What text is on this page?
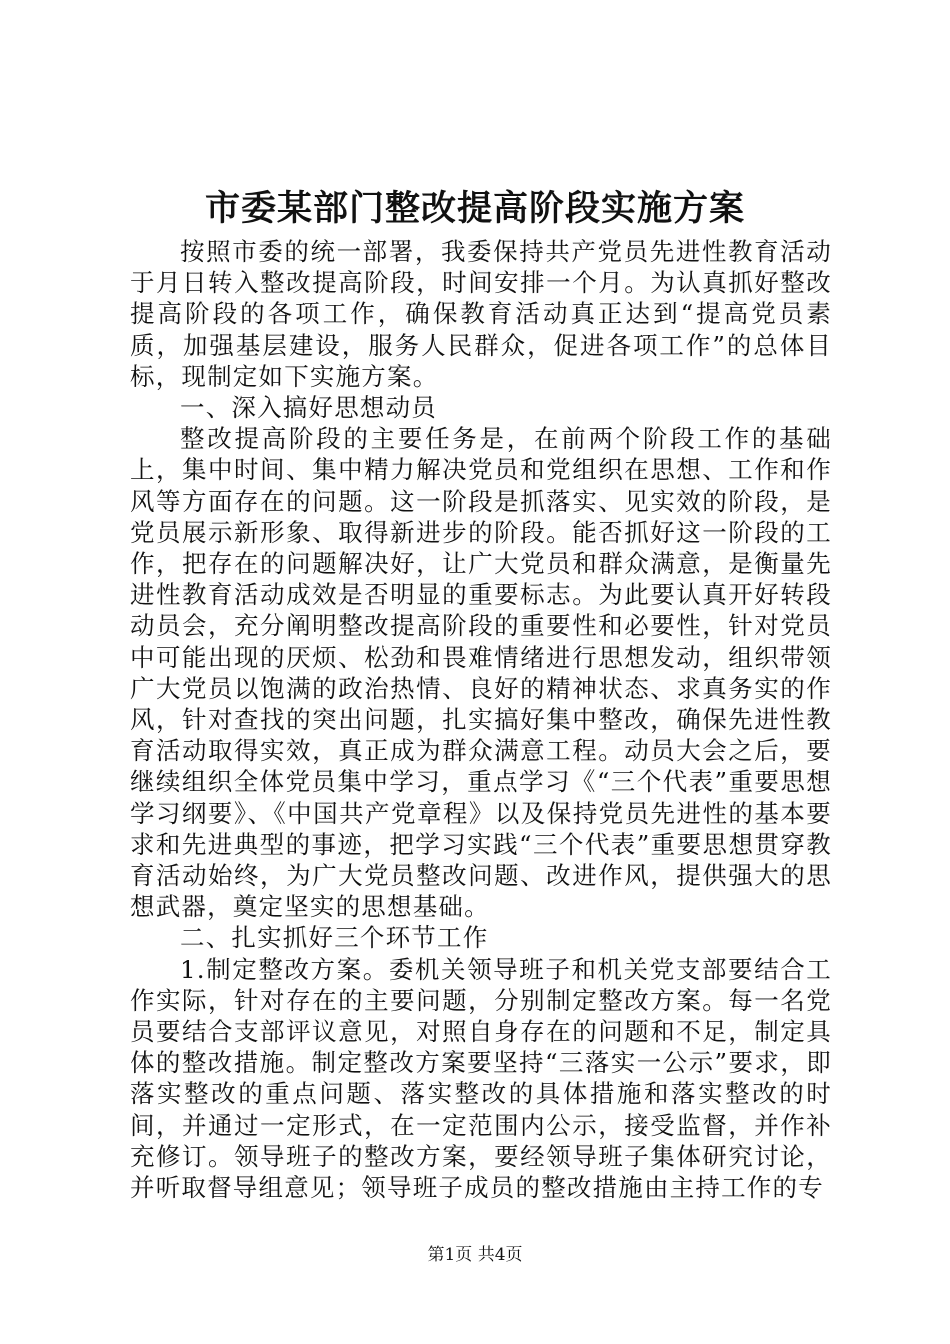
市委某部门整改提高阶段实施方案

按照市委的统一部署，我委保持共产党员先进性教育活动于月日转入整改提高阶段，时间安排一个月。为认真抓好整改提高阶段的各项工作，确保教育活动真正达到“提高党员素质，加强基层建设，服务人民群众，促进各项工作”的总体目标，现制定如下实施方案。

一、深入搞好思想动员

整改提高阶段的主要任务是，在前两个阶段工作的基础上，集中时间、集中精力解决党员和党组织在思想、工作和作风等方面存在的问题。这一阶段是抓落实、见实效的阶段，是党员展示新形象、取得新进步的阶段。能否抓好这一阶段的工作，把存在的问题解决好，让广大党员和群众满意，是衡量先进性教育活动成效是否明显的重要标志。为此要认真开好转段动员会，充分阐明整改提高阶段的重要性和必要性，针对党员中可能出现的厌烦、松劲和畏难情绪进行思想发动，组织带领广大党员以饱满的政治热情、良好的精神状态、求真务实的作风，针对查找的突出问题，扎实搞好集中整改，确保先进性教育活动取得实效，真正成为群众满意工程。动员大会之后，要继续组织全体党员集中学习，重点学习《“三个代表”重要思想学习纲要》、《中国共产党章程》以及保持党员先进性的基本要求和先进典型的事迹，把学习实践“三个代表”重要思想贯穿教育活动始终，为广大党员整改问题、改进作风，提供强大的思想武器，奠定坚实的思想基础。

二、扎实抓好三个环节工作

1.制定整改方案。委机关领导班子和机关党支部要结合工作实际，针对存在的主要问题，分别制定整改方案。每一名党员要结合支部评议意见，对照自身存在的问题和不足，制定具体的整改措施。制定整改方案要坚持“三落实一公示”要求，即落实整改的重点问题、落实整改的具体措施和落实整改的时间，并通过一定形式，在一定范围内公示，接受监督，并作补充修订。领导班子的整改方案，要经领导班子集体研究讨论，并听取督导组意见；领导班子成员的整改措施由主持工作的专

第1页 共4页
